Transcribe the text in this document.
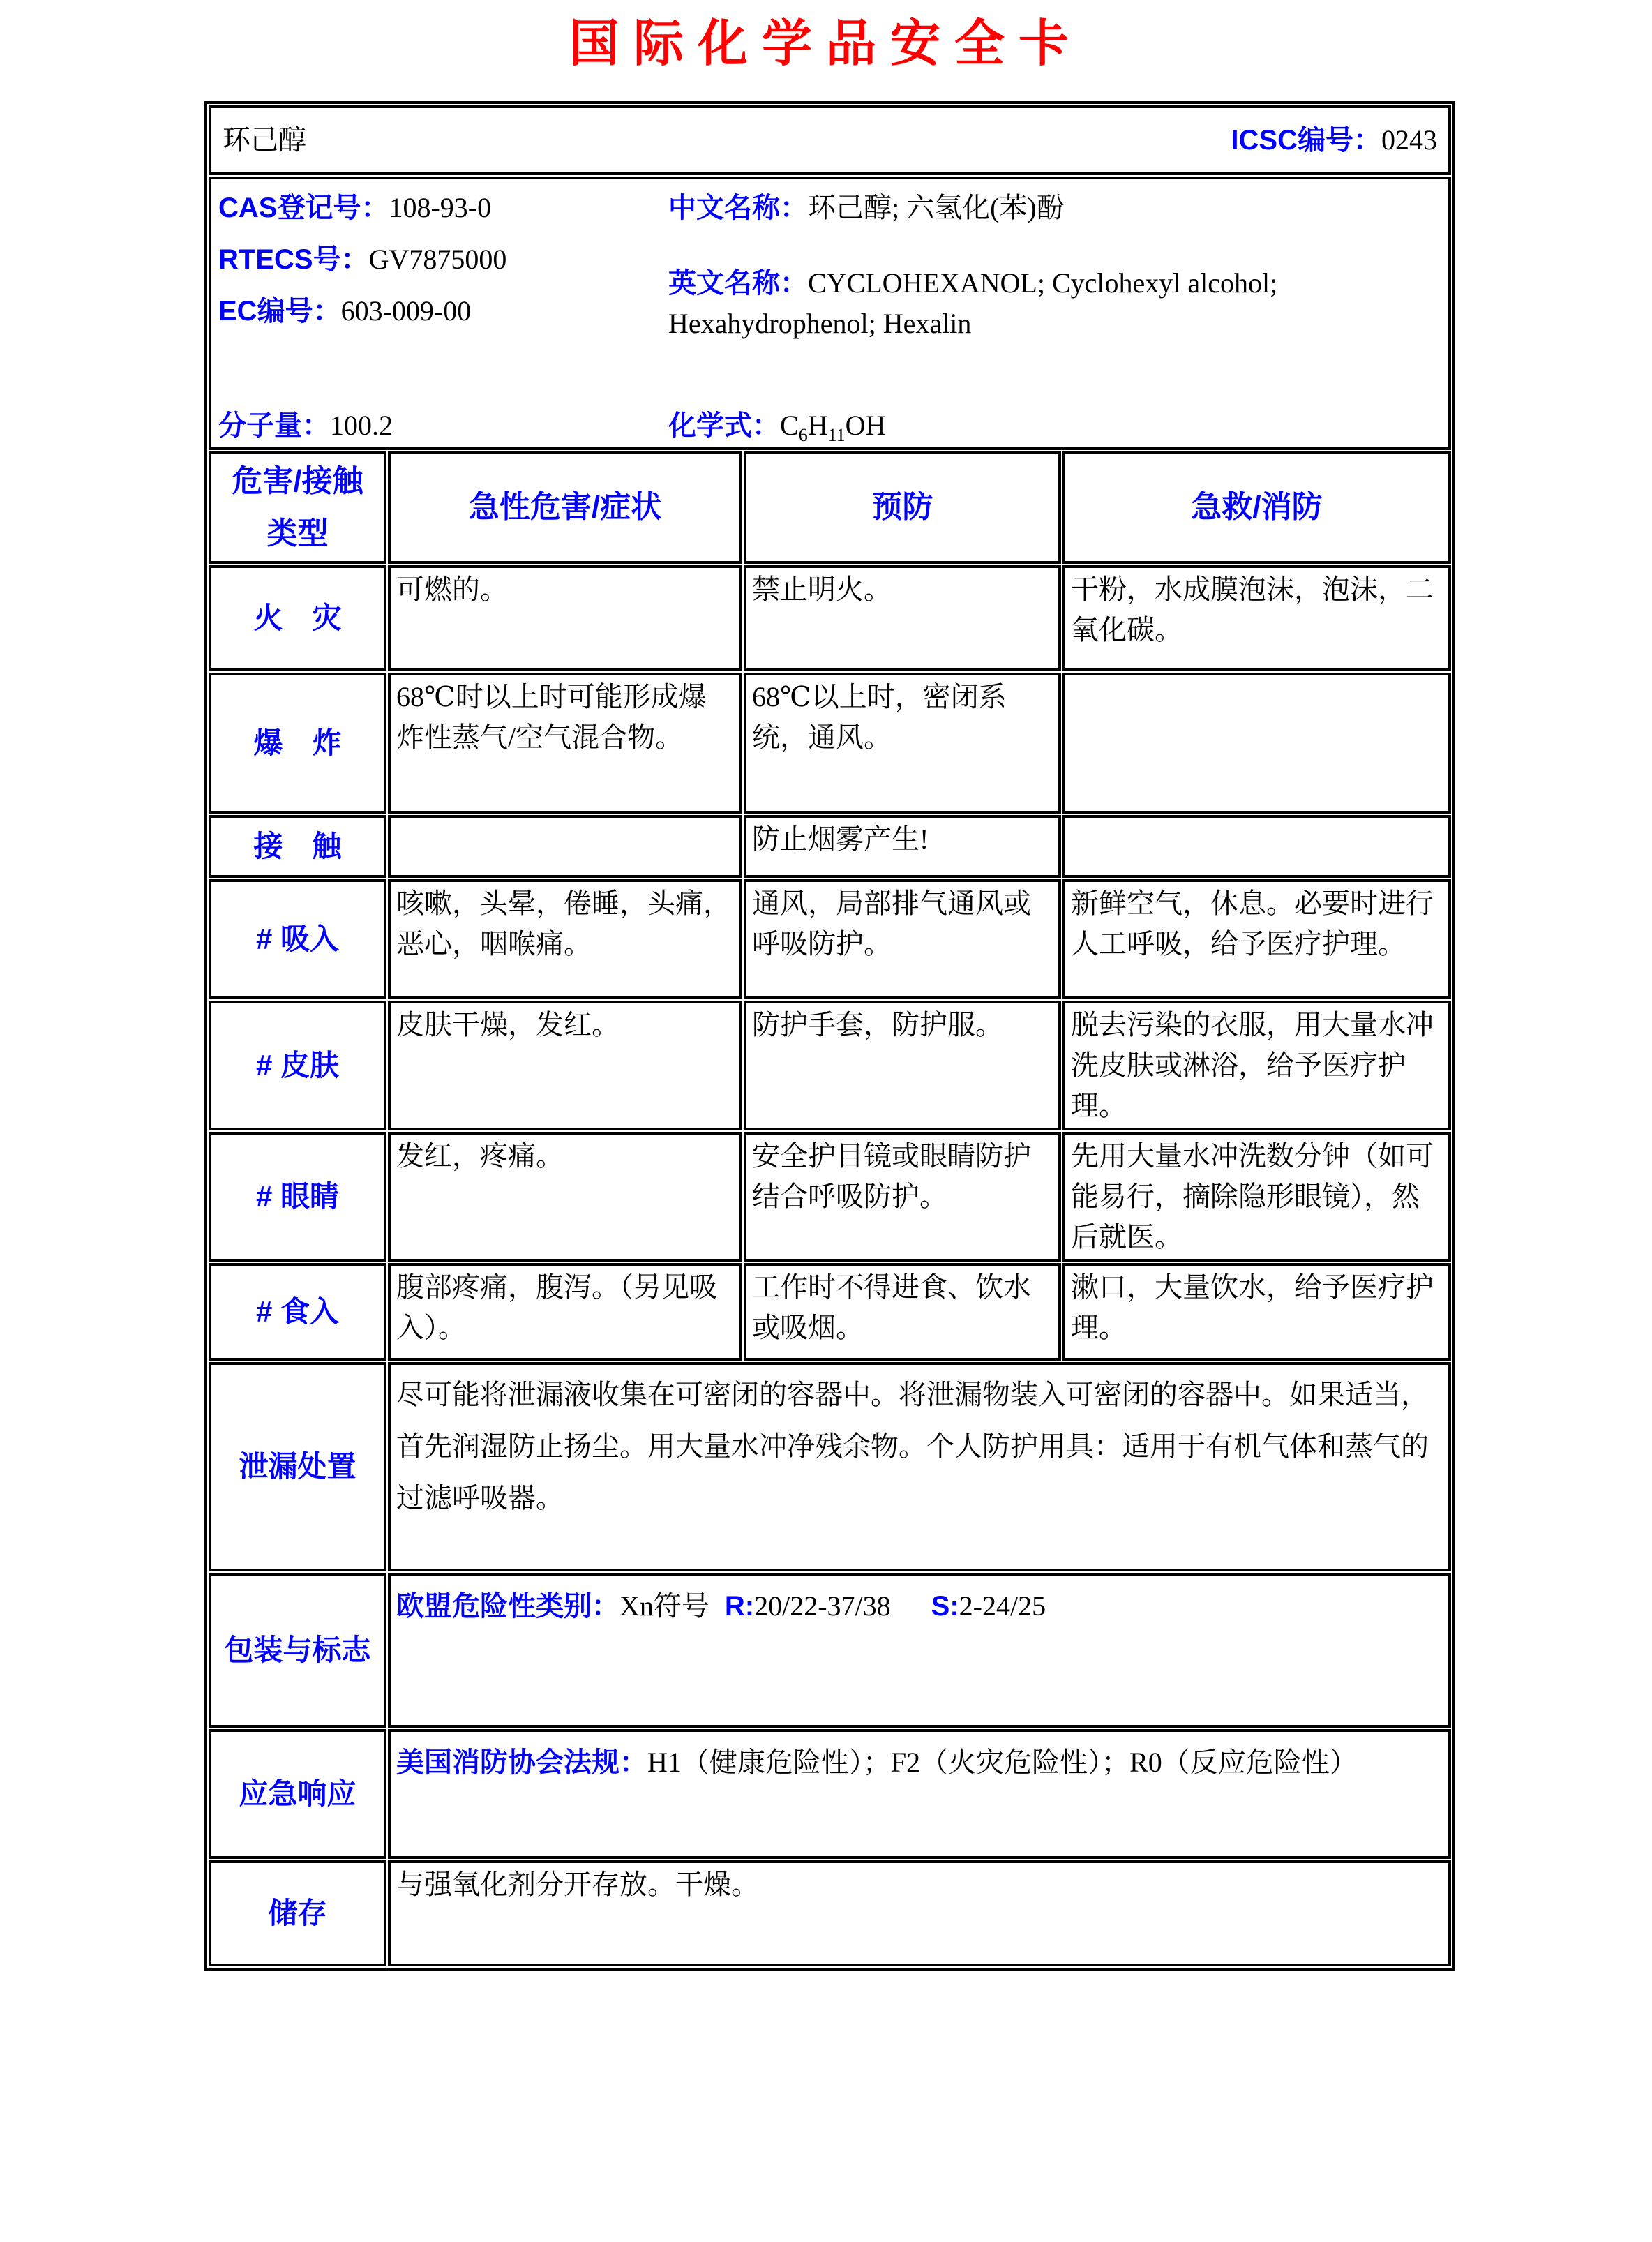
国际化学品安全卡
环己醇 ICSC编号：0243			

CAS登记号：108-93-0

RTECS号：GV7875000

EC编号：603-009-00

中文名称：环己醇; 六氢化(苯)酚

英文名称：CYCLOHEXANOL; Cyclohexyl alcohol; Hexahydrophenol; Hexalin

分子量：100.2	化学式：$C_6H_{11}OH$

危害/接触
类型	急性危害/症状	预防	急救/消防
火　灾	可燃的。	禁止明火。	干粉，水成膜泡沫，泡沫，二氧化碳。
爆　炸	68℃时以上时可能形成爆炸性蒸气/空气混合物。	68℃以上时，密闭系统，通风。	
接　触		防止烟雾产生!	
# 吸入	咳嗽，头晕，倦睡，头痛，恶心，咽喉痛。	通风，局部排气通风或呼吸防护。	新鲜空气，休息。必要时进行人工呼吸，给予医疗护理。
# 皮肤	皮肤干燥，发红。	防护手套，防护服。	脱去污染的衣服，用大量水冲洗皮肤或淋浴，给予医疗护理。
# 眼睛	发红，疼痛。	安全护目镜或眼睛防护结合呼吸防护。	先用大量水冲洗数分钟（如可能易行，摘除隐形眼镜），然后就医。
# 食入	腹部疼痛，腹泻。（另见吸入）。	工作时不得进食、饮水或吸烟。	漱口，大量饮水，给予医疗护理。
泄漏处置	尽可能将泄漏液收集在可密闭的容器中。将泄漏物装入可密闭的容器中。如果适当，首先润湿防止扬尘。用大量水冲净残余物。个人防护用具：适用于有机气体和蒸气的过滤呼吸器。		
包装与标志	欧盟危险性类别：Xn符号 R:20/22-37/38 S:2-24/25		
应急响应	美国消防协会法规：H1（健康危险性）；F2（火灾危险性）；R0（反应危险性）		
储存	与强氧化剂分开存放。干燥。		
